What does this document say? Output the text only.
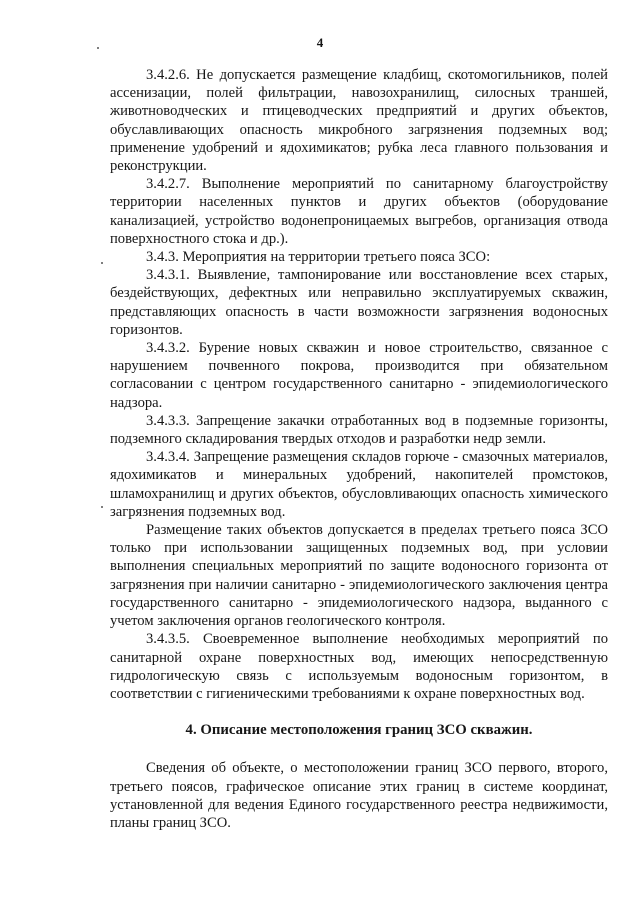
4

3.4.2.6. Не допускается размещение кладбищ, скотомогильников, полей ассенизации, полей фильтрации, навозохранилищ, силосных траншей, животноводческих и птицеводческих предприятий и других объектов, обуславливающих опасность микробного загрязнения подземных вод; применение удобрений и ядохимикатов; рубка леса главного пользования и реконструкции.

3.4.2.7. Выполнение мероприятий по санитарному благоустройству территории населенных пунктов и других объектов (оборудование канализацией, устройство водонепроницаемых выгребов, организация отвода поверхностного стока и др.).

3.4.3. Мероприятия на территории третьего пояса ЗСО:

3.4.3.1. Выявление, тампонирование или восстановление всех старых, бездействующих, дефектных или неправильно эксплуатируемых скважин, представляющих опасность в части возможности загрязнения водоносных горизонтов.

3.4.3.2. Бурение новых скважин и новое строительство, связанное с нарушением почвенного покрова, производится при обязательном согласовании с центром государственного санитарно - эпидемиологического надзора.

3.4.3.3. Запрещение закачки отработанных вод в подземные горизонты, подземного складирования твердых отходов и разработки недр земли.

3.4.3.4. Запрещение размещения складов горюче - смазочных материалов, ядохимикатов и минеральных удобрений, накопителей промстоков, шламохранилищ и других объектов, обусловливающих опасность химического загрязнения подземных вод.

Размещение таких объектов допускается в пределах третьего пояса ЗСО только при использовании защищенных подземных вод, при условии выполнения специальных мероприятий по защите водоносного горизонта от загрязнения при наличии санитарно - эпидемиологического заключения центра государственного санитарно - эпидемиологического надзора, выданного с учетом заключения органов геологического контроля.

3.4.3.5. Своевременное выполнение необходимых мероприятий по санитарной охране поверхностных вод, имеющих непосредственную гидрологическую связь с используемым водоносным горизонтом, в соответствии с гигиеническими требованиями к охране поверхностных вод.

4. Описание местоположения границ ЗСО скважин.

Сведения об объекте, о местоположении границ ЗСО первого, второго, третьего поясов, графическое описание этих границ в системе координат, установленной для ведения Единого государственного реестра недвижимости, планы границ ЗСО.
